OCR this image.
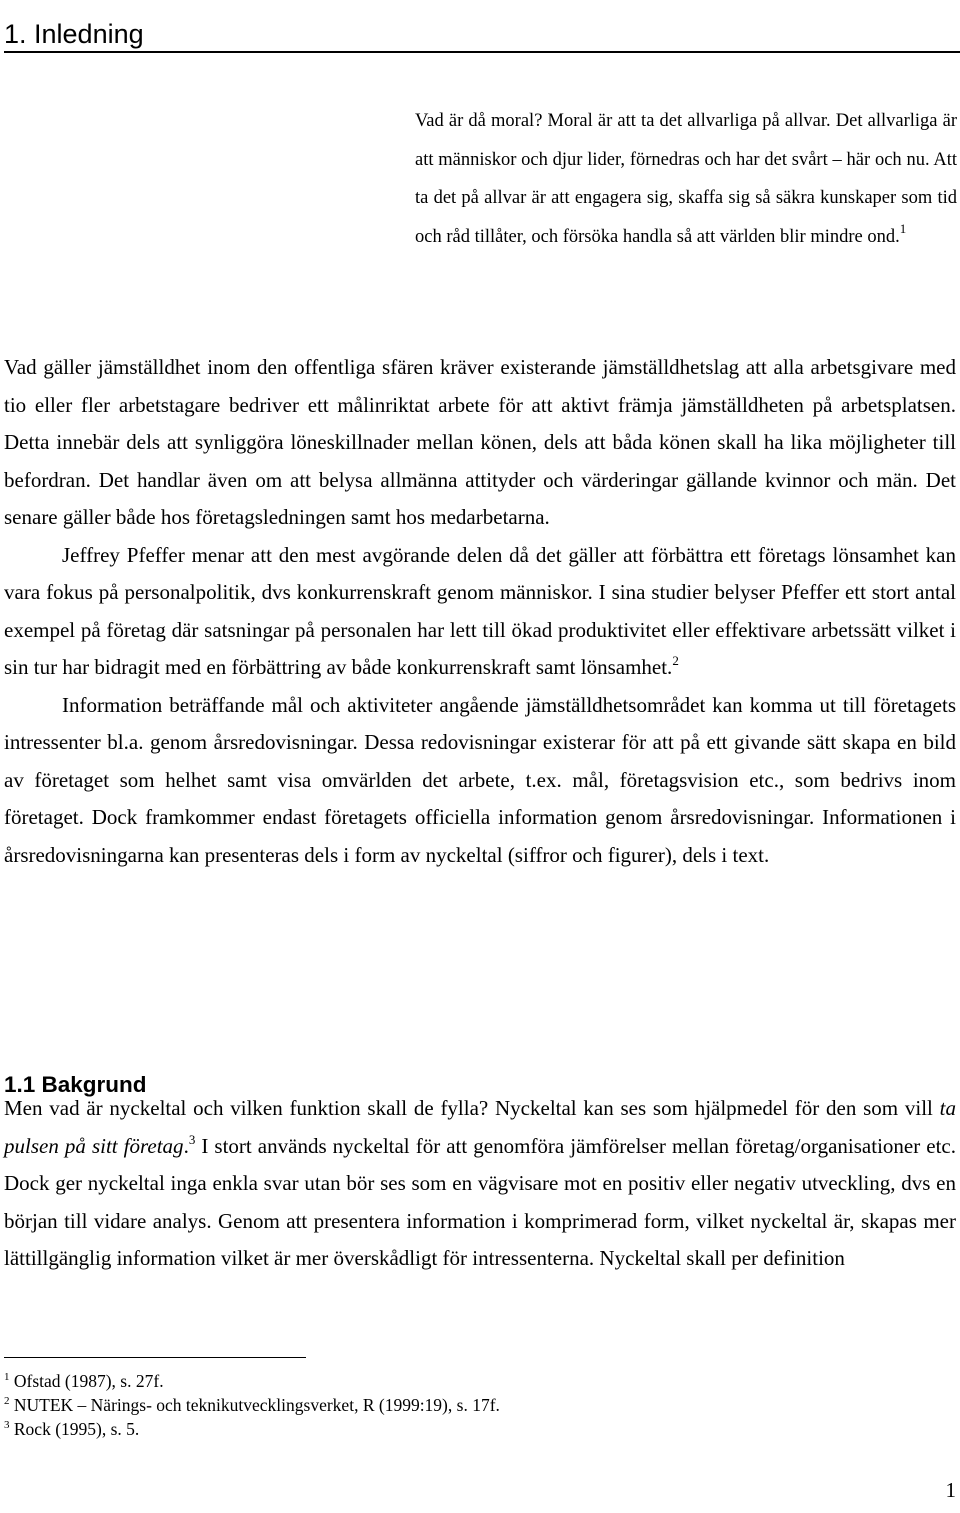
1. Inledning
Vad är då moral? Moral är att ta det allvarliga på allvar. Det allvarliga är att människor och djur lider, förnedras och har det svårt – här och nu. Att ta det på allvar är att engagera sig, skaffa sig så säkra kunskaper som tid och råd tillåter, och försöka handla så att världen blir mindre ond.$^1$

Vad gäller jämställdhet inom den offentliga sfären kräver existerande jämställdhetslag att alla arbetsgivare med tio eller fler arbetstagare bedriver ett målinriktat arbete för att aktivt främja jämställdheten på arbetsplatsen. Detta innebär dels att synliggöra löneskillnader mellan könen, dels att båda könen skall ha lika möjligheter till befordran. Det handlar även om att belysa allmänna attityder och värderingar gällande kvinnor och män. Det senare gäller både hos företagsledningen samt hos medarbetarna.

Jeffrey Pfeffer menar att den mest avgörande delen då det gäller att förbättra ett företags lönsamhet kan vara fokus på personalpolitik, dvs konkurrenskraft genom människor. I sina studier belyser Pfeffer ett stort antal exempel på företag där satsningar på personalen har lett till ökad produktivitet eller effektivare arbetssätt vilket i sin tur har bidragit med en förbättring av både konkurrenskraft samt lönsamhet.$^2$

Information beträffande mål och aktiviteter angående jämställdhetsområdet kan komma ut till företagets intressenter bl.a. genom årsredovisningar. Dessa redovisningar existerar för att på ett givande sätt skapa en bild av företaget som helhet samt visa omvärlden det arbete, t.ex. mål, företagsvision etc., som bedrivs inom företaget. Dock framkommer endast företagets officiella information genom årsredovisningar. Informationen i årsredovisningarna kan presenteras dels i form av nyckeltal (siffror och figurer), dels i text.

1.1 Bakgrund

Men vad är nyckeltal och vilken funktion skall de fylla? Nyckeltal kan ses som hjälpmedel för den som vill ta pulsen på sitt företag.$^3$ I stort används nyckeltal för att genomföra jämförelser mellan företag/organisationer etc. Dock ger nyckeltal inga enkla svar utan bör ses som en vägvisare mot en positiv eller negativ utveckling, dvs en början till vidare analys. Genom att presentera information i komprimerad form, vilket nyckeltal är, skapas mer lättillgänglig information vilket är mer överskådligt för intressenterna. Nyckeltal skall per definition

$^1$ Ofstad (1987), s. 27f.
$^2$ NUTEK – Närings- och teknikutvecklingsverket, R (1999:19), s. 17f.
$^3$ Rock (1995), s. 5.
1
